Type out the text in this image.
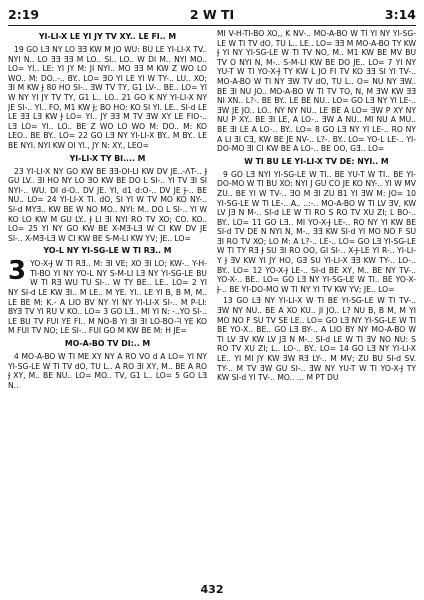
2:19	2 W TI	3:14
YI-LI-X LE YI JY TV XY.. LE FI.. M

19 GO LƎ NY LO ƎƎ KW M JO WU: BU LE YI-LI-X TV.. NYI N.. LO ƎƎ ƎƎ M LO.. SI.. LO.. W Dl M.. NYI MO.. LO= YI.. LE: YI JY M: JI NYI.. MO ƎƎ M KW Z WO LO WO.. M: DO..-.. BY.. LO= ƎO YI LE YI W TY-.. LU.. XO; ƎI M KW Ɉ 80 HO SI-.. ƎW TV TY, G1 LV-.. BE.. LO= YI W NY YI JY TV TY, G1 L.. LO.. 21 GO K NY YI-LI-X NY JE SI-.. YI.. FO, M1 KW Ɉ; BO HO: KO SI YI. LE.. SI-d LE LE ƎƎ LƎ KW Ɉ LO= YI.. JY ƎƎ M TV ƎW XY LE FIO-.. LƎ LO= YI.. LO.. BE Z WO LO WO M: DO.. M: KO LEO.. BE BY.. LO= 22 GO LƎ NY YI-LI-X BY.. M BY.. LE BE NYI. NYI KW OI YI., JY N: XY., LEO=

YI-LI-X TY BI.... M

23 YI-LI-X NY GO KW BE ƎƎ-ΟI-LI KW DV JE..-ΛT-.. Ɉ GU LV.. ƎI HO NY LO ƎO KW BE DO L SI-.. YI TV ƎI SI NYI-.. WU. DI d-O.. DV JE. YI, d1 d:O-.. DV JE Ɉ-.. BE NU.. LO= 24 YI-LI-X TI. dO, SI YI W TV MO KO NY-.. SI-d MYƎ.. KW BE W NO MO.. NYI: M.. DO L SI-.. YI W KO LO KW M GU LY.. Ɉ LI ƎI NYI RO TV XO; CO. KO.. LO= 25 YI NY GO KW BE X-MƎ-LƎ W CI KW DV JE SI-.. X-MƎ-LƎ W CI KW BE S-M-LI KW YV; JE.. LO=

YO-L NY YI-SG-LE W TI RƎ.. M
3 YO-X-Ɉ W TI RƎ.. M: ƎI VE; XO ƎI LO; KW-.. Y-H-TI-BO YI NY YO-L NY S-M-LI LƎ NY YI-SG-LE BU W TI RƎ WU TU SI-.. W TY BE.. LE.. LO= 2 YI NY SI-d LE KW ƎI.. M LE.. M YE. YI.. LE YI B, B M, M.. LE BE M: K.- A LIO BV NY YI NY YI-LI-X SI-.. M P-LI: BYƎ TV YI RU V KO.. LO= 3 GO LƎ.. MI YI N: -..YO SI-.. LE BU TV FUI YE FI.. M NO-B YI ƎI ƎI LO-BO-ᖷ YE KO M FUI TV NO; LE SI-.. FUI GO M KW BE M: H JE=

MO-A-BO TV DI:.. M

4 MO-A-BO W TI ME XY NY A RO VO d A LO= YI NY YI-SG-LE W TI TV dO, TU L.. A RO ƎI XY, M.. BE A RO Ɉ XY, M.. BE NU.. LO= MO.. TV, G1 L.. LO= 5 GO LƎ N..

MI V-H-TI-BO XO,, K NV-.. MO-A-BO W TI YI NY YI-SG-LE W TI TV dO, TU L.. LE.. LO= ƎƎ M MO-A-BO TY KW Ɉ YI NY YI-SG-LE W TI TV NO, M.. M1 KW BE MV BU TV O NYI N, M-.. S-M-LI KW BE DO JE.. LO= 7 YI NY YU-T W TI YO-X-Ɉ TY KW L JO FI TV KO ƎƎ SI YI TV-.. MO-A-BO W TI NY ƎW TV dO, TU L.. O= NU NY ƎW.. BE ƎI NU JO.. MO-A-BO W TI TV TO, N, M ƎW KW ƎƎ NI XN.. L?-. BE BY.. LE BE NU.. LO= GO LƎ NY YI LE-.. ƎW JE JO.. LO.. NY NY NU.. LE BE A LO= ƎW P XY NY NU P XY.. BE ƎI LE, A LO-.. ƎW A NU.. MI NU A MU.. BE ƎI LE A LO-.. BY.. LO= 8 GO LƎ NY YI LE-.. RO NY A LI ƎI CƎ, KW BE JE NV-.. L?-. BY.. LO= YO-L LE-.. YI-DO-MO ƎI CI KW BE A LO-.. BE OO, GƎ.. LO=

W TI BU LE YI-LI-X TV DE: NYI.. M

9 GO LƎ NYI YI-SG-LE W TI.. BE YU-T W TI.. BE YI-DO-MO W TI BU XO: NYI J GU CO JE KO NY-.. YI W MV ZU.. BE YI W TV-.. ƎO M ƎI ZU B1 YI ƎW M: JO= 10 YI-SG-LE W TI LE-.. A.. ..:-.. MO-A-BO W TI LV ƎV, KW LV JƎ N M-.. SI-d LE W TI RO S RO TV XU ZI; L BO-.. BY.. LO= 11 GO LƎ.. MI YO-X-Ɉ LE-.. RO NY YI KW BE SI-d TV DE N NYI N, M-.. ƎƎ KW SI-d YI MO NO F SU ƎI RO TV XO; LO M: A L?-.. LE-.. LO= GO LƎ YI-SG-LE W TI TY RƎ Ɉ SU ƎI RO OO, GI SI-.. X-Ɉ-LE YI R-.. YI-LI-Y Ɉ ƎV KW YI JY HO, GƎ SU YI-LI-X ƎƎ KW TY-.. LO-.. BY.. LO= 12 YO-X-Ɉ LE-.. SI-d BE XY, M.. BE NY TV-.. YO-X-.. BE.. LO= GO LƎ NY YI-SG-LE W TI.. BE YO-X-Ɉ-.. BE YI-DO-MO W TI NY YI TV KW YV; JE.. LO=

13 GO LƎ NY YI-LI-X W TI BE YI-SG-LE W TI TV-.. ƎW NY NU.. BE A XO KU.. JI JO.. L? NU B, B M, M YI MO NO F SU TV SE LE.. LO= GO LƎ NY YI-SG-LE W TI BE YO-X.. BE.. GO LƎ BY-.. A LIO BY NY MO-A-BO W TI LV ƎV KW LV JƎ N M-.. SI-d LE W TI ƎV NO NU: S RO TV XU ZI; L.. LO-.. BY.. LO= 14 GO LƎ NY YI-LI-X LE.. YI MI JY KW ƎW RƎ LY-.. M MV; ZU BU SI-d SV. TY-.. M TV ƎW GU SI-.. ƎW NY YU-T W TI YO-X-Ɉ TY KW SI-d YI TV-.. MO.. ... M PT DU

432
